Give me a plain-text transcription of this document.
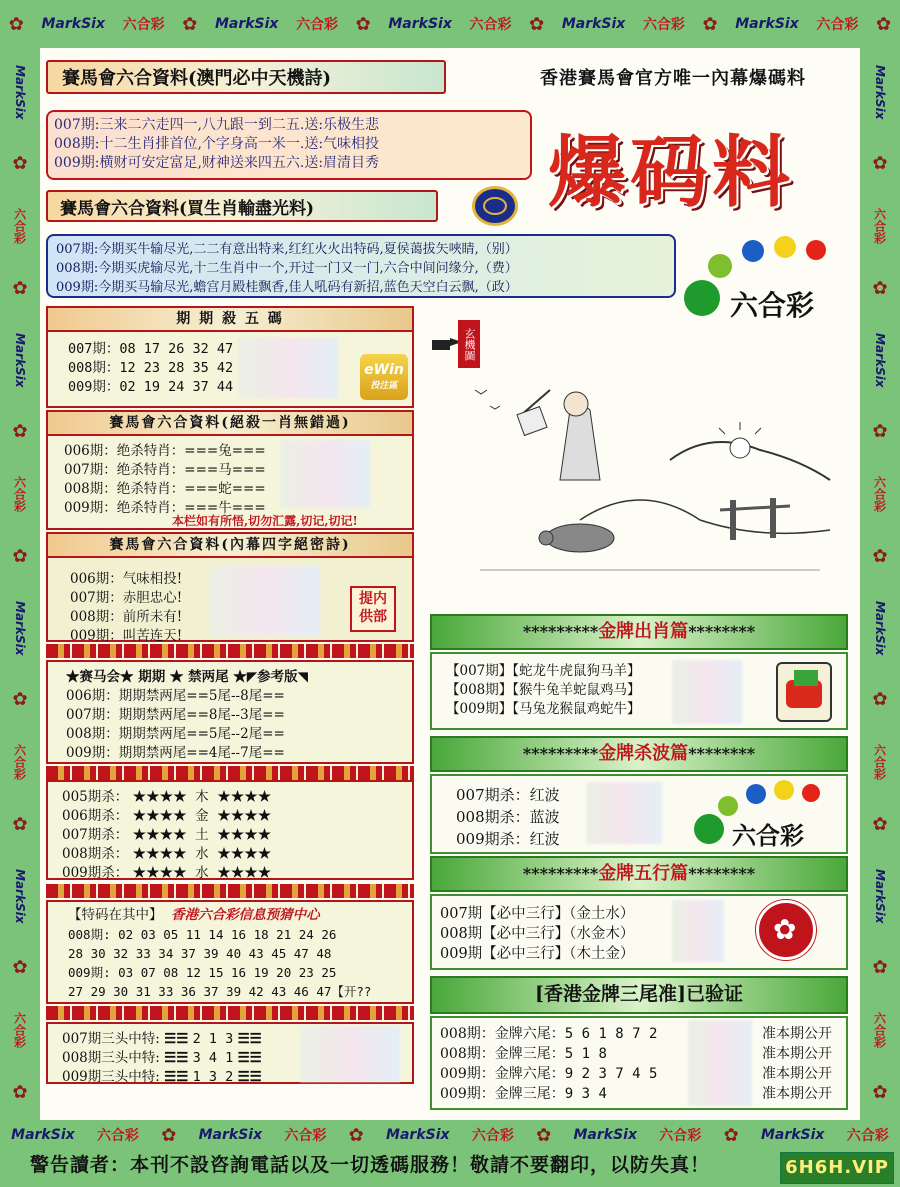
✿ MarkSix 六合彩 ✿ MarkSix 六合彩 ✿ MarkSix 六合彩 ✿ MarkSix 六合彩 ✿ MarkSix 六合彩 ✿
MarkSix
✿
六合彩
✿
MarkSix
✿
六合彩
✿
MarkSix
✿
六合彩
✿
MarkSix
✿
六合彩
✿
MarkSix
✿
六合彩
✿
MarkSix
✿
六合彩
✿
MarkSix
✿
六合彩
✿
MarkSix
✿
六合彩
✿
MarkSix 六合彩 ✿ MarkSix 六合彩 ✿ MarkSix 六合彩 ✿ MarkSix 六合彩 ✿ MarkSix 六合彩
賽馬會六合資料(澳門必中天機詩)	香港賽馬會官方唯一內幕爆碼料
007期:三来二六走四一,八九跟一到二五.送:乐极生悲
008期:十二生肖排首位,个字身高一米一.送:气味相投
009期:横财可安定富足,财神送来四五六.送:眉清目秀	爆码料
賽馬會六合資料(買生肖輸盡光料)
007期:今期买牛输尽光,二二有意出特来,红红火火出特码,夏侯蔼拔矢唊睛,（别）
008期:今期买虎输尽光,十二生肖中一个,开过一门又一门,六合中间问缘分,（费）
009期:今期买马输尽光,蟾宫月殿桂飘香,佳人吼码有新招,蓝色天空白云飘,（政）
六合彩
期 期 殺 五 碼
007期：08 17 26 32 47
008期：12 23 28 35 42
009期：02 19 24 37 44
eWin
投注區
賽馬會六合資料(絕殺一肖無錯過)
006期：绝杀特肖：===兔===
007期：绝杀特肖：===马===
008期：绝杀特肖：===蛇===
009期：绝杀特肖：===牛===
本栏如有所悟,切勿汇露,切记,切记!
賽馬會六合資料(內幕四字絕密詩)
006期：气味相投!
007期：赤胆忠心!
008期：前所未有!
009期：叫苦连天!
提内供部
★赛马会★ 期期 ★ 禁两尾 ★◤参考版◥
006期：期期禁两尾==5尾--8尾==
007期：期期禁两尾==8尾--3尾==
008期：期期禁两尾==5尾--2尾==
009期：期期禁两尾==4尾--7尾==
005期杀： ★★★★ 木 ★★★★
006期杀： ★★★★ 金 ★★★★
007期杀： ★★★★ 土 ★★★★
008期杀： ★★★★ 水 ★★★★
009期杀： ★★★★ 水 ★★★★
【特码在其中】 香港六合彩信息预猜中心
008期: 02 03 05 11 14 16 18 21 24 26
28 30 32 33 34 37 39 40 43 45 47 48
009期: 03 07 08 12 15 16 19 20 23 25
27 29 30 31 33 36 37 39 42 43 46 47【开??
007期三头中特: ☰☰ 2 1 3 ☰☰
008期三头中特: ☰☰ 3 4 1 ☰☰
009期三头中特: ☰☰ 1 3 2 ☰☰
玄機圖
*********金牌出肖篇********
【007期】【蛇龙牛虎鼠狗马羊】
【008期】【猴牛兔羊蛇鼠鸡马】
【009期】【马兔龙猴鼠鸡蛇牛】
*********金牌杀波篇********
007期杀：红波
008期杀：蓝波
009期杀：红波	六合彩
*********金牌五行篇********
007期【必中三行】（金土水）
008期【必中三行】（水金木）
009期【必中三行】（木土金）
✿
[香港金牌三尾准]已验证
008期：金牌六尾：5 6 1 8 7 2	准本期公开
008期：金牌三尾：5 1 8	准本期公开
009期：金牌六尾：9 2 3 7 4 5	准本期公开
009期：金牌三尾：9 3 4	准本期公开
警告讀者：本刊不設咨詢電話以及一切透碼服務！敬請不要翻印，以防失真！	6H6H.VIP
